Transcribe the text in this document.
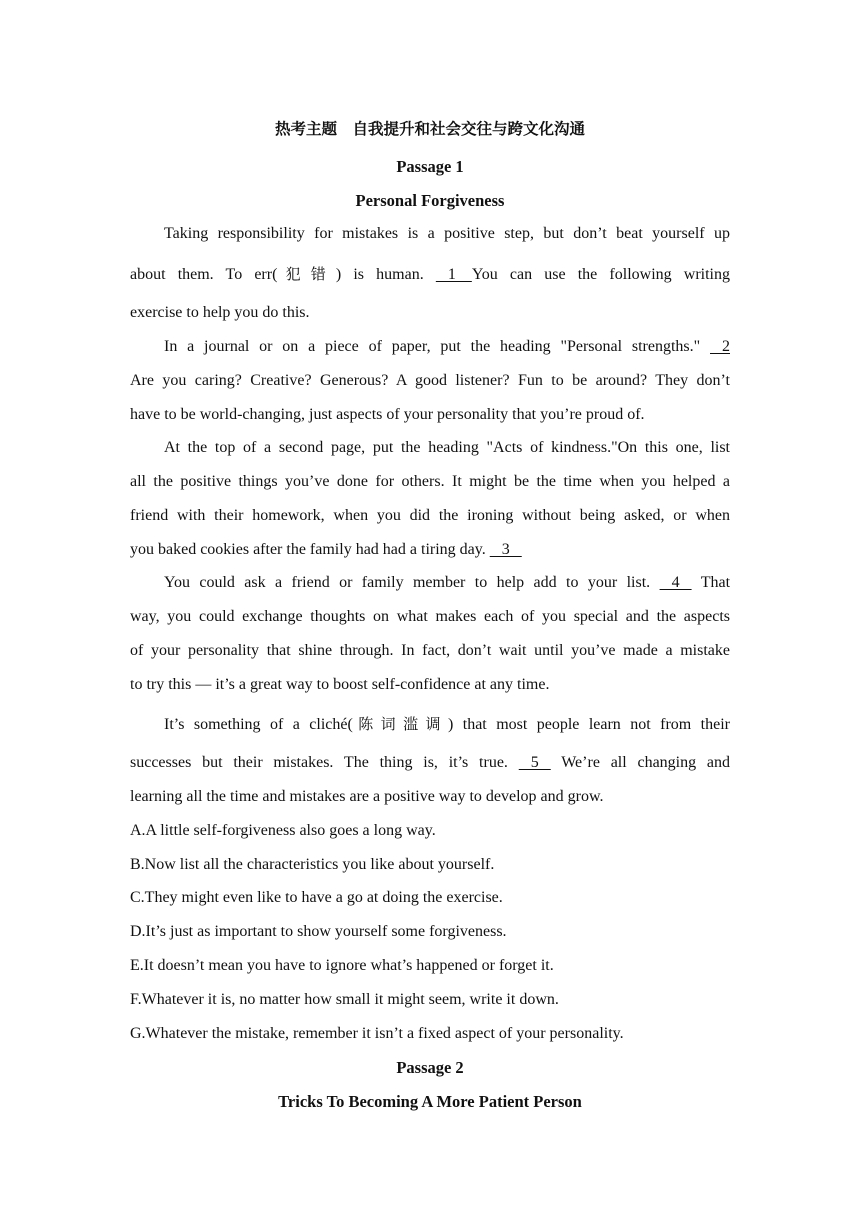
热考主题　自我提升和社会交往与跨文化沟通
Passage 1
Personal Forgiveness
Taking responsibility for mistakes is a positive step, but don’t beat yourself up
about them. To err(犯错) is human.    1    You can use the following writing
exercise to help you do this.
In a journal or on a piece of paper, put the heading "Personal strengths."    2
Are you caring? Creative? Generous? A good listener? Fun to be around? They don’t
have to be world-changing, just aspects of your personality that you’re proud of.
At the top of a second page, put the heading "Acts of kindness."On this one, list
all the positive things you’ve done for others. It might be the time when you helped a
friend with their homework, when you did the ironing without being asked, or when
you baked cookies after the family had had a tiring day.    3
You could ask a friend or family member to help add to your list.    4    That
way, you could exchange thoughts on what makes each of you special and the aspects
of your personality that shine through. In fact, don’t wait until you’ve made a mistake
to try this — it’s a great way to boost self-confidence at any time.
It’s something of a cliché(陈词滥调) that most people learn not from their
successes but their mistakes. The thing is, it’s true.    5    We’re all changing and
learning all the time and mistakes are a positive way to develop and grow.
A.A little self-forgiveness also goes a long way.
B.Now list all the characteristics you like about yourself.
C.They might even like to have a go at doing the exercise.
D.It’s just as important to show yourself some forgiveness.
E.It doesn’t mean you have to ignore what’s happened or forget it.
F.Whatever it is, no matter how small it might seem, write it down.
G.Whatever the mistake, remember it isn’t a fixed aspect of your personality.
Passage 2
Tricks To Becoming A More Patient Person
